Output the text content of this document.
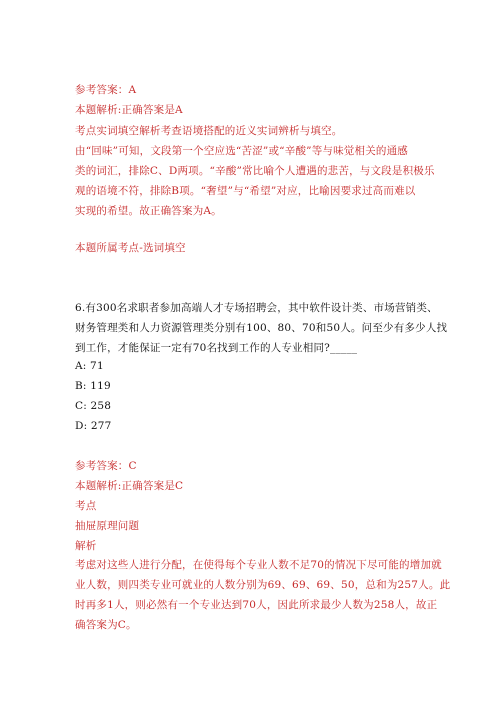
参考答案：A
本题解析:正确答案是A
考点实词填空解析考查语境搭配的近义实词辨析与填空。
由“回味”可知，文段第一个空应选“苦涩”或“辛酸”等与味觉相关的通感
类的词汇，排除C、D两项。“辛酸”常比喻个人遭遇的悲苦，与文段是积极乐
观的语境不符，排除B项。“奢望”与“希望”对应，比喻因要求过高而难以
实现的希望。故正确答案为A。
本题所属考点-选词填空
6.有300名求职者参加高端人才专场招聘会，其中软件设计类、市场营销类、
财务管理类和人力资源管理类分别有100、80、70和50人。问至少有多少人找
到工作，才能保证一定有70名找到工作的人专业相同?_____
A: 71
B: 119
C: 258
D: 277
参考答案：C
本题解析:正确答案是C
考点
抽屉原理问题
解析
考虑对这些人进行分配，在使得每个专业人数不足70的情况下尽可能的增加就
业人数，则四类专业可就业的人数分别为69、69、69、50，总和为257人。此
时再多1人，则必然有一个专业达到70人，因此所求最少人数为258人，故正
确答案为C。
